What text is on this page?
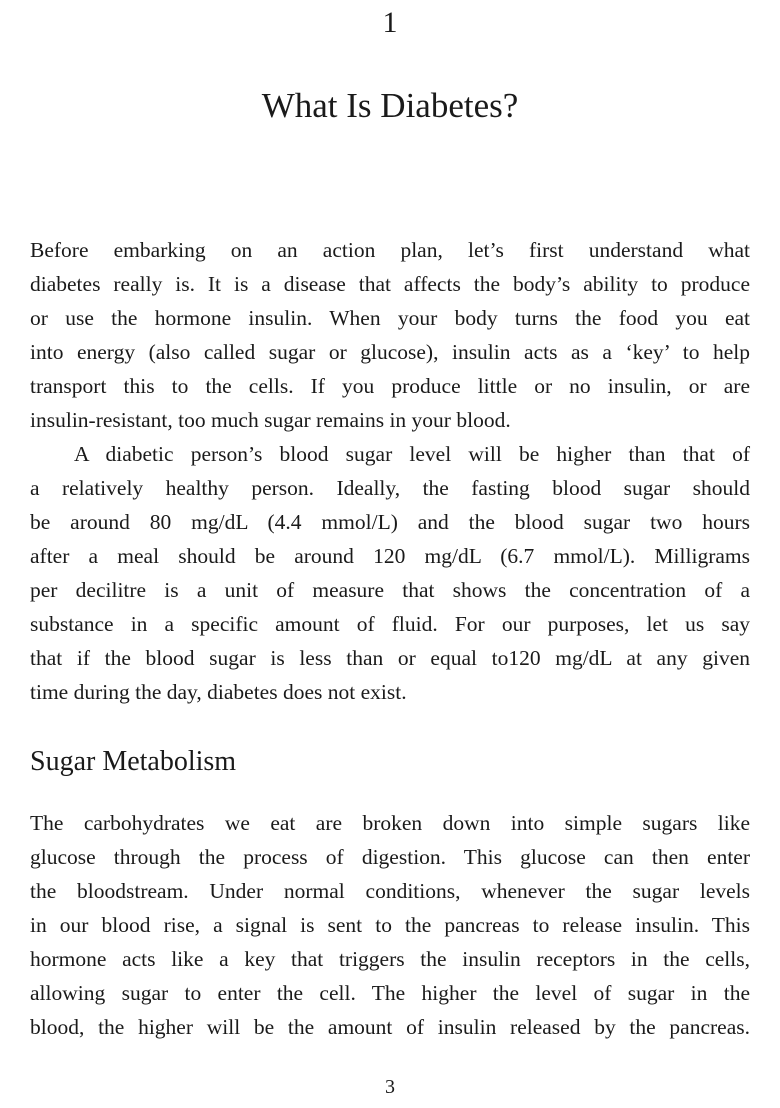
1
What Is Diabetes?
Before embarking on an action plan, let’s first understand what
diabetes really is. It is a disease that affects the body’s ability to produce
or use the hormone insulin. When your body turns the food you eat
into energy (also called sugar or glucose), insulin acts as a ‘key’ to help
transport this to the cells. If you produce little or no insulin, or are
insulin-resistant, too much sugar remains in your blood.
A diabetic person’s blood sugar level will be higher than that of
a relatively healthy person. Ideally, the fasting blood sugar should
be around 80 mg/dL (4.4 mmol/L) and the blood sugar two hours
after a meal should be around 120 mg/dL (6.7 mmol/L). Milligrams
per decilitre is a unit of measure that shows the concentration of a
substance in a specific amount of fluid. For our purposes, let us say
that if the blood sugar is less than or equal to120 mg/dL at any given
time during the day, diabetes does not exist.
Sugar Metabolism
The carbohydrates we eat are broken down into simple sugars like
glucose through the process of digestion. This glucose can then enter
the bloodstream. Under normal conditions, whenever the sugar levels
in our blood rise, a signal is sent to the pancreas to release insulin. This
hormone acts like a key that triggers the insulin receptors in the cells,
allowing sugar to enter the cell. The higher the level of sugar in the
blood, the higher will be the amount of insulin released by the pancreas.
3
